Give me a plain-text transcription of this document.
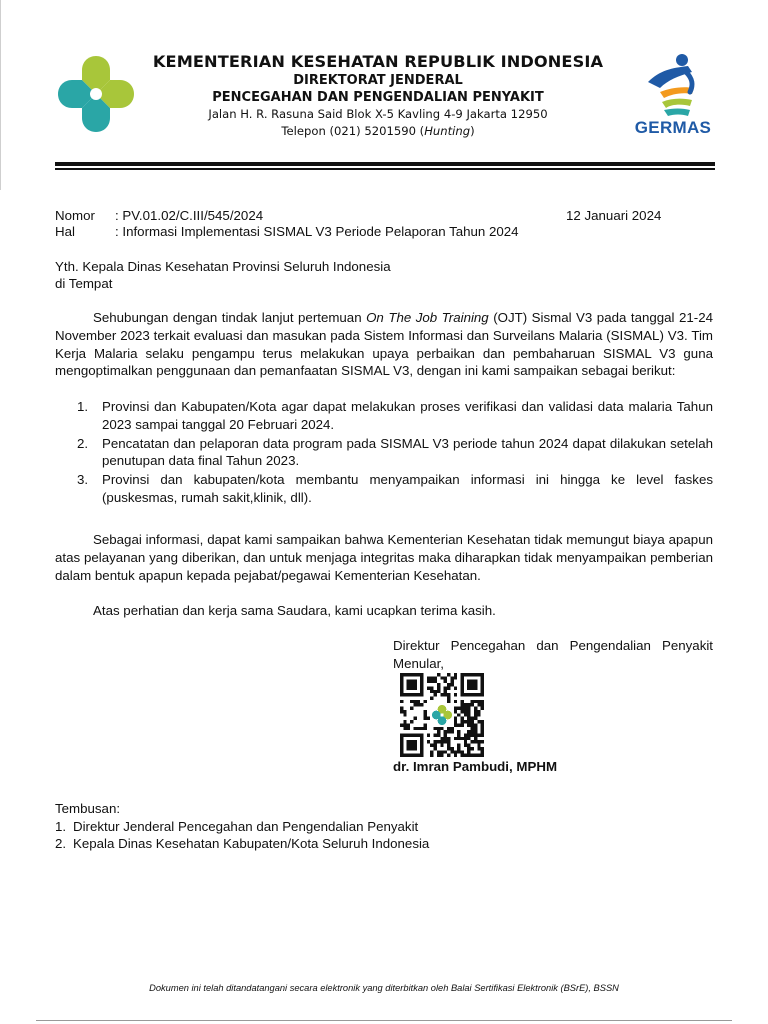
KEMENTERIAN KESEHATAN REPUBLIK INDONESIA
DIREKTORAT JENDERAL
PENCEGAHAN DAN PENGENDALIAN PENYAKIT
Jalan H. R. Rasuna Said Blok X-5 Kavling 4-9 Jakarta 12950
Telepon (021) 5201590 (Hunting)	GERMAS
Nomor : PV.01.02/C.III/545/2024
Hal	: Informasi Implementasi SISMAL V3 Periode Pelaporan Tahun 2024
12 Januari 2024
Yth. Kepala Dinas Kesehatan Provinsi Seluruh Indonesia
di Tempat
Sehubungan dengan tindak lanjut pertemuan On The Job Training (OJT) Sismal V3 pada tanggal 21-24 November 2023 terkait evaluasi dan masukan pada Sistem Informasi dan Surveilans Malaria (SISMAL) V3. Tim Kerja Malaria selaku pengampu terus melakukan upaya perbaikan dan pembaharuan SISMAL V3 guna mengoptimalkan penggunaan dan pemanfaatan SISMAL V3, dengan ini kami sampaikan sebagai berikut:
1. Provinsi dan Kabupaten/Kota agar dapat melakukan proses verifikasi dan validasi data malaria Tahun 2023 sampai tanggal 20 Februari 2024.
2. Pencatatan dan pelaporan data program pada SISMAL V3 periode tahun 2024 dapat dilakukan setelah penutupan data final Tahun 2023.
3. Provinsi dan kabupaten/kota membantu menyampaikan informasi ini hingga ke level faskes (puskesmas, rumah sakit,klinik, dll).
Sebagai informasi, dapat kami sampaikan bahwa Kementerian Kesehatan tidak memungut biaya apapun atas pelayanan yang diberikan, dan untuk menjaga integritas maka diharapkan tidak menyampaikan pemberian dalam bentuk apapun kepada pejabat/pegawai Kementerian Kesehatan.
Atas perhatian dan kerja sama Saudara, kami ucapkan terima kasih.
Direktur Pencegahan dan Pengendalian Penyakit Menular,
dr. Imran Pambudi, MPHM
Tembusan:
1. Direktur Jenderal Pencegahan dan Pengendalian Penyakit
2. Kepala Dinas Kesehatan Kabupaten/Kota Seluruh Indonesia
Dokumen ini telah ditandatangani secara elektronik yang diterbitkan oleh Balai Sertifikasi Elektronik (BSrE), BSSN
